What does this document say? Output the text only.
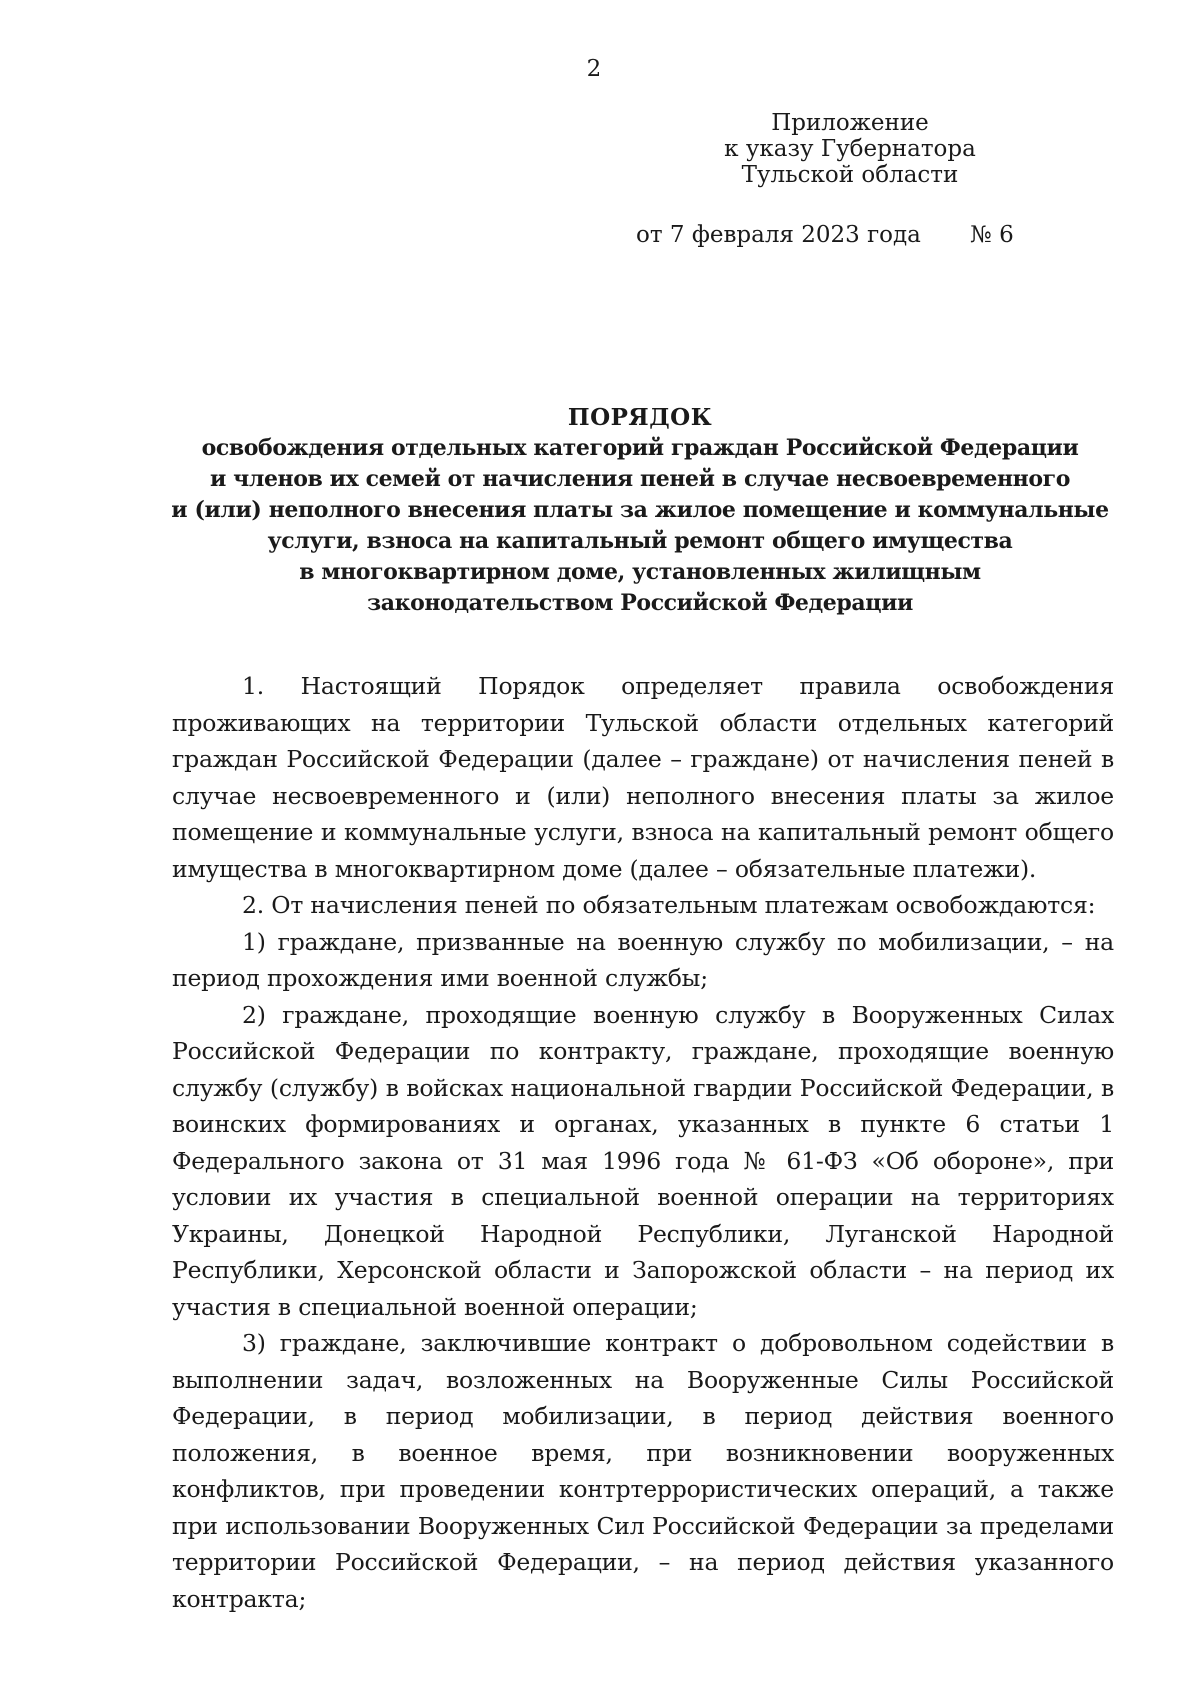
2
Приложение
к указу Губернатора
Тульской области
от 7 февраля 2023 года № 6
ПОРЯДОК
освобождения отдельных категорий граждан Российской Федерации
и членов их семей от начисления пеней в случае несвоевременного
и (или) неполного внесения платы за жилое помещение и коммунальные
услуги, взноса на капитальный ремонт общего имущества
в многоквартирном доме, установленных жилищным
законодательством Российской Федерации

1. Настоящий Порядок определяет правила освобождения проживающих на территории Тульской области отдельных категорий граждан Российской Федерации (далее – граждане) от начисления пеней в случае несвоевременного и (или) неполного внесения платы за жилое помещение и коммунальные услуги, взноса на капитальный ремонт общего имущества в многоквартирном доме (далее – обязательные платежи).

2. От начисления пеней по обязательным платежам освобождаются:

1) граждане, призванные на военную службу по мобилизации, – на период прохождения ими военной службы;

2) граждане, проходящие военную службу в Вооруженных Силах Российской Федерации по контракту, граждане, проходящие военную службу (службу) в войсках национальной гвардии Российской Федерации, в воинских формированиях и органах, указанных в пункте 6 статьи 1 Федерального закона от 31 мая 1996 года № 61-ФЗ «Об обороне», при условии их участия в специальной военной операции на территориях Украины, Донецкой Народной Республики, Луганской Народной Республики, Херсонской области и Запорожской области – на период их участия в специальной военной операции;

3) граждане, заключившие контракт о добровольном содействии в выполнении задач, возложенных на Вооруженные Силы Российской Федерации, в период мобилизации, в период действия военного положения, в военное время, при возникновении вооруженных конфликтов, при проведении контртеррористических операций, а также при использовании Вооруженных Сил Российской Федерации за пределами территории Российской Федерации, – на период действия указанного контракта;
